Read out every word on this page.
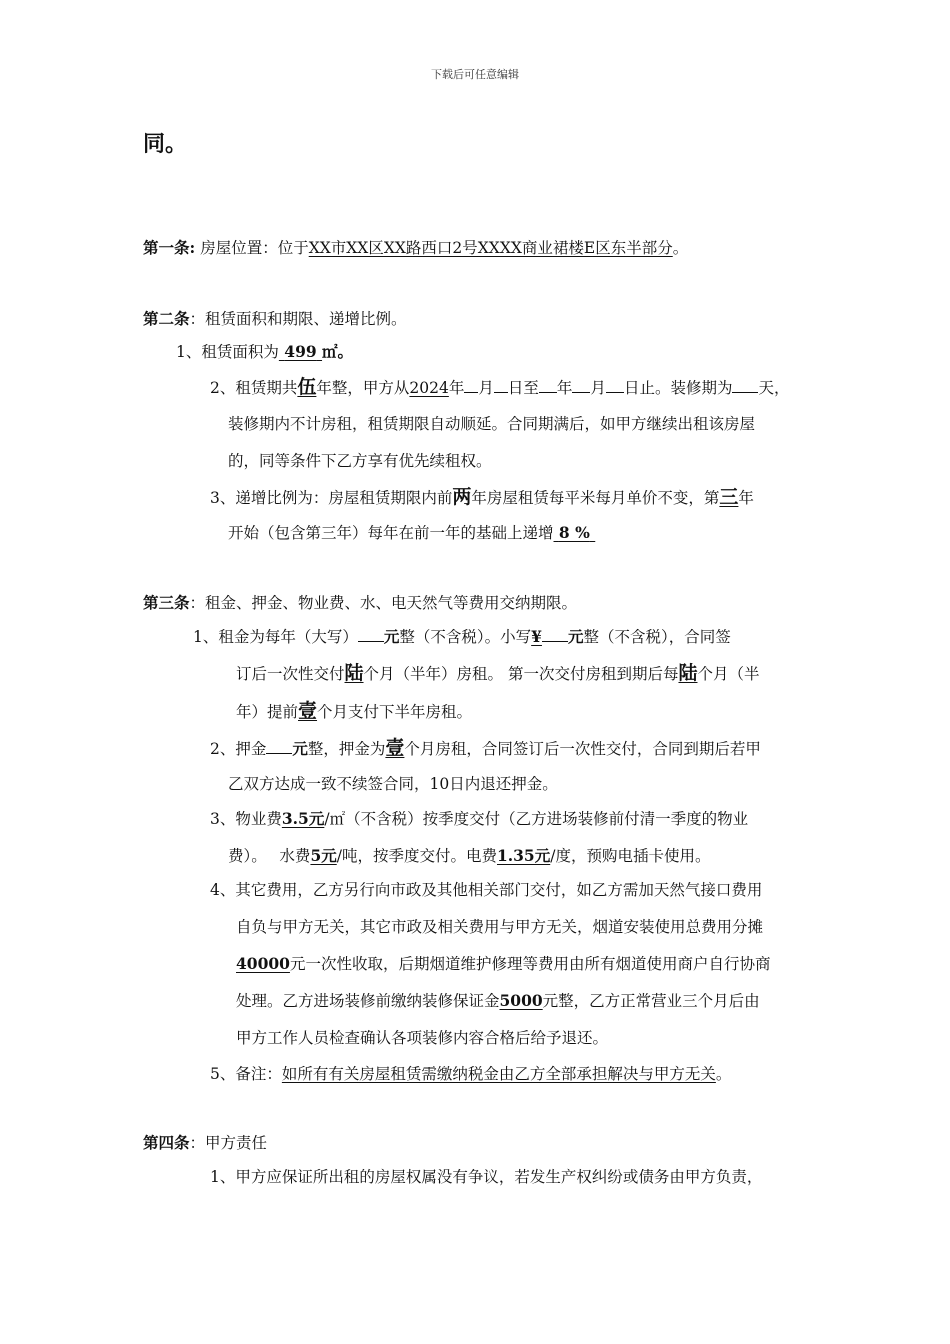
下载后可任意编辑
同。
第一条: 房屋位置：位于XX市XX区XX路西口2号XXXX商业裙楼E区东半部分。
第二条：租赁面积和期限、递增比例。
1、租赁面积为 499 ㎡。
2、租赁期共伍年整，甲方从2024年 月 日至 年 月 日止。装修期为 天，
装修期内不计房租，租赁期限自动顺延。合同期满后，如甲方继续出租该房屋
的，同等条件下乙方享有优先续租权。
3、递增比例为：房屋租赁期限内前两年房屋租赁每平米每月单价不变，第三年
开始（包含第三年）每年在前一年的基础上递增 8 %
第三条：租金、押金、物业费、水、电天然气等费用交纳期限。
1、租金为每年（大写） 元整（不含税）。小写¥ 元整（不含税），合同签
订后一次性交付陆个月（半年）房租。 第一次交付房租到期后每陆个月（半
年）提前壹个月支付下半年房租。
2、押金 元整，押金为壹个月房租，合同签订后一次性交付，合同到期后若甲
乙双方达成一致不续签合同，10日内退还押金。
3、物业费3.5元/㎡（不含税）按季度交付（乙方进场装修前付清一季度的物业
费）。　 水费5元/吨，按季度交付。电费1.35元/度，预购电插卡使用。
4、其它费用，乙方另行向市政及其他相关部门交付，如乙方需加天然气接口费用
自负与甲方无关，其它市政及相关费用与甲方无关，烟道安装使用总费用分摊
40000元一次性收取，后期烟道维护修理等费用由所有烟道使用商户自行协商
处理。乙方进场装修前缴纳装修保证金5000元整，乙方正常营业三个月后由
甲方工作人员检查确认各项装修内容合格后给予退还。
5、备注：如所有有关房屋租赁需缴纳税金由乙方全部承担解决与甲方无关。
第四条：甲方责任
1、甲方应保证所出租的房屋权属没有争议，若发生产权纠纷或债务由甲方负责，
